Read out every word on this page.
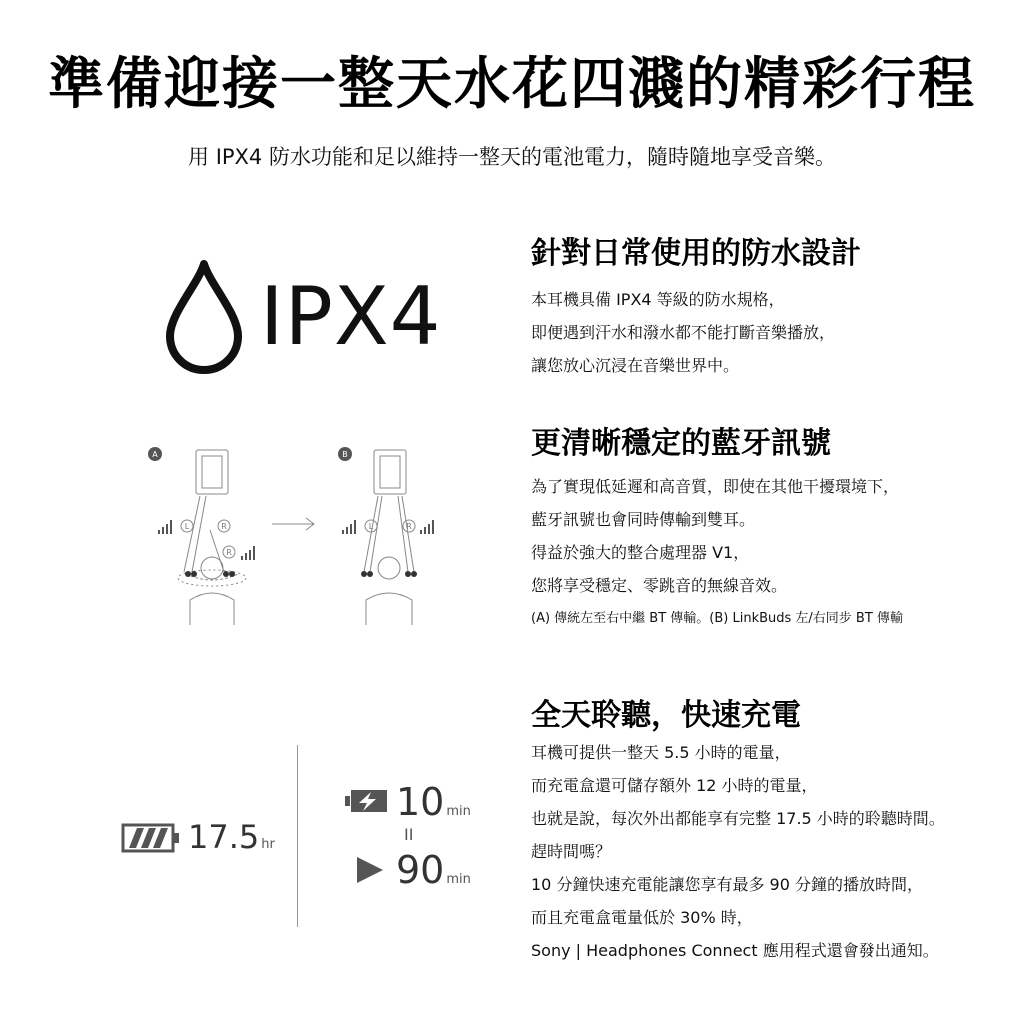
準備迎接一整天水花四濺的精彩行程
用 IPX4 防水功能和足以維持一整天的電池電力，隨時隨地享受音樂。
IPX4
A	B
L	R
R
L	R
17.5 hr
10 min
II
90 min
針對日常使用的防水設計
本耳機具備 IPX4 等級的防水規格，
即便遇到汗水和潑水都不能打斷音樂播放，
讓您放心沉浸在音樂世界中。
更清晰穩定的藍牙訊號
為了實現低延遲和高音質，即使在其他干擾環境下，
藍牙訊號也會同時傳輸到雙耳。
得益於強大的整合處理器 V1，
您將享受穩定、零跳音的無線音效。
(A) 傳統左至右中繼 BT 傳輸。(B) LinkBuds 左/右同步 BT 傳輸
全天聆聽，快速充電
耳機可提供一整天 5.5 小時的電量，
而充電盒還可儲存額外 12 小時的電量，
也就是說，每次外出都能享有完整 17.5 小時的聆聽時間。
趕時間嗎？
10 分鐘快速充電能讓您享有最多 90 分鐘的播放時間，
而且充電盒電量低於 30% 時，
Sony | Headphones Connect 應用程式還會發出通知。
